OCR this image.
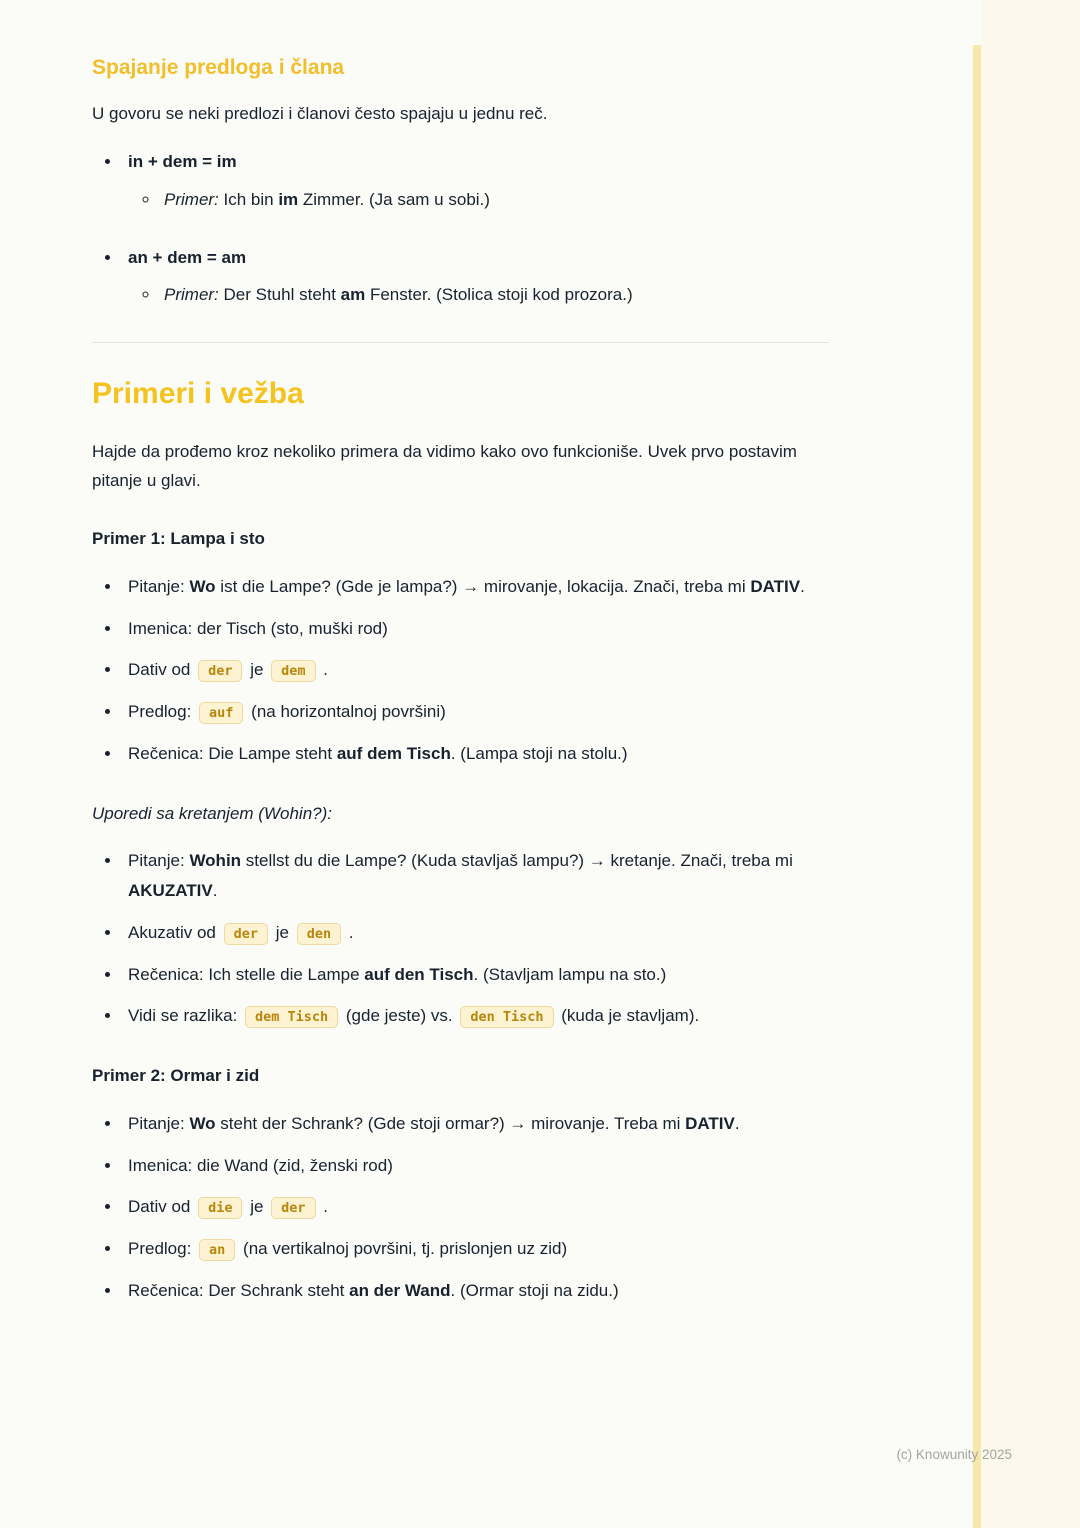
Spajanje predloga i člana

U govoru se neki predlozi i članovi često spajaju u jednu reč.

• in + dem = im
◦ Primer: Ich bin im Zimmer. (Ja sam u sobi.)
• an + dem = am
◦ Primer: Der Stuhl steht am Fenster. (Stolica stoji kod prozora.)
Primeri i vežba

Hajde da prođemo kroz nekoliko primera da vidimo kako ovo funkcioniše. Uvek prvo postavim pitanje u glavi.

Primer 1: Lampa i sto

• Pitanje: Wo ist die Lampe? (Gde je lampa?) → mirovanje, lokacija. Znači, treba mi DATIV.
• Imenica: der Tisch (sto, muški rod)
• Dativ od der je dem .
• Predlog: auf (na horizontalnoj površini)
• Rečenica: Die Lampe steht auf dem Tisch. (Lampa stoji na stolu.)

Uporedi sa kretanjem (Wohin?):

• Pitanje: Wohin stellst du die Lampe? (Kuda stavljaš lampu?) → kretanje. Znači, treba mi AKUZATIV.
• Akuzativ od der je den .
• Rečenica: Ich stelle die Lampe auf den Tisch. (Stavljam lampu na sto.)
• Vidi se razlika: dem Tisch (gde jeste) vs. den Tisch (kuda je stavljam).

Primer 2: Ormar i zid

• Pitanje: Wo steht der Schrank? (Gde stoji ormar?) → mirovanje. Treba mi DATIV.
• Imenica: die Wand (zid, ženski rod)
• Dativ od die je der .
• Predlog: an (na vertikalnoj površini, tj. prislonjen uz zid)
• Rečenica: Der Schrank steht an der Wand. (Ormar stoji na zidu.)
(c) Knowunity 2025
